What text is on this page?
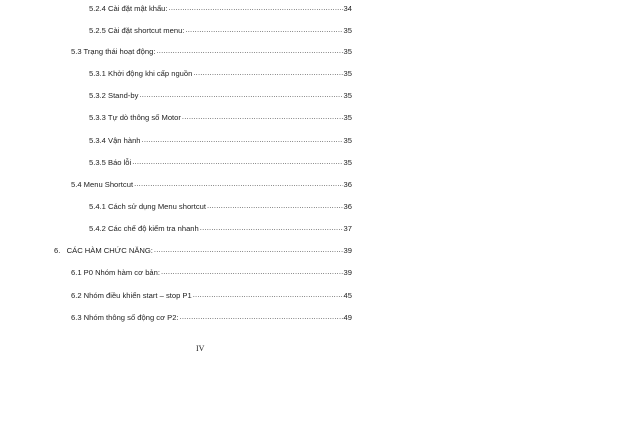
5.2.4 Cài đặt mật khẩu: .....	34
5.2.5 Cài đặt shortcut menu: .....	35
5.3 Trạng thái hoạt động: .....	35
5.3.1 Khởi động khi cấp nguồn .....	35
5.3.2 Stand-by .....	35
5.3.3 Tự dò thông số Motor .....	35
5.3.4 Vận hành .....	35
5.3.5 Báo lỗi .....	35
5.4 Menu Shortcut .....	36
5.4.1 Cách sử dụng Menu shortcut .....	36
5.4.2 Các chế độ kiểm tra nhanh .....	37
6.   CÁC HÀM CHỨC NĂNG: .....	39
6.1 P0 Nhóm hàm cơ bản: .....	39
6.2 Nhóm điều khiển start – stop P1 .....	45
6.3 Nhóm thông số động cơ P2: .....	49
IV
